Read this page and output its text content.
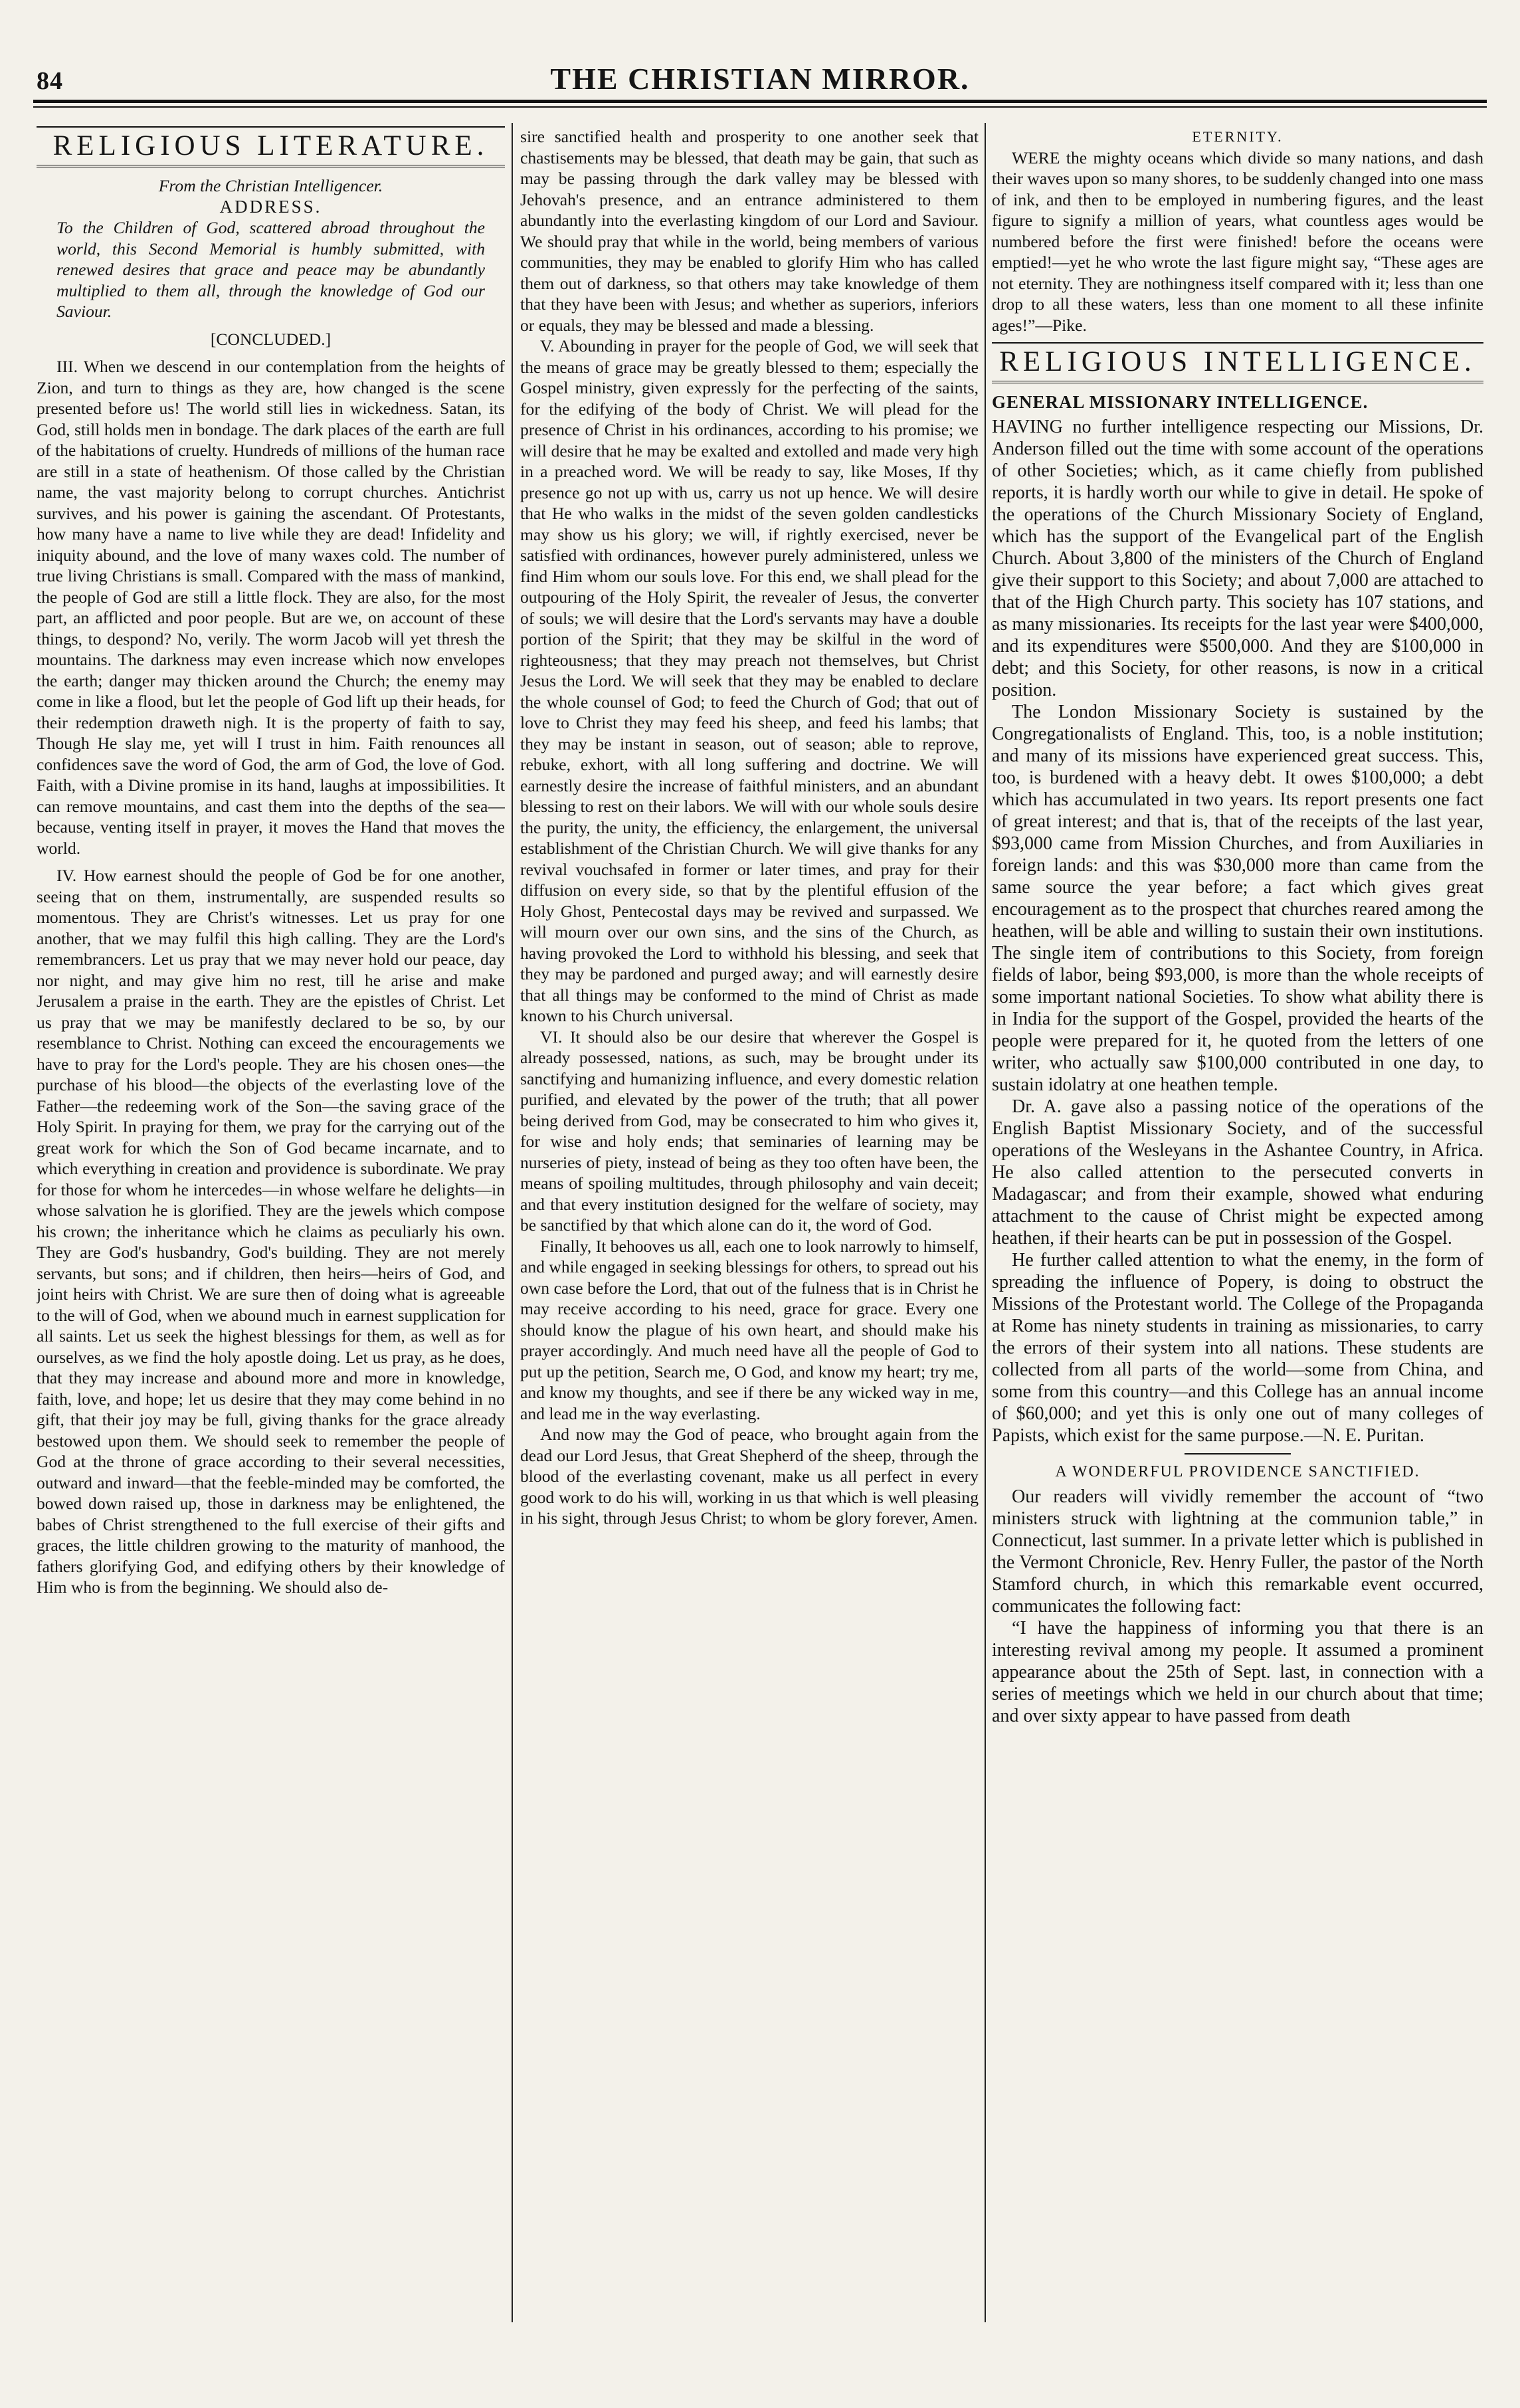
84	THE CHRISTIAN MIRROR.
RELIGIOUS LITERATURE.

From the Christian Intelligencer.

ADDRESS.

To the Children of God, scattered abroad throughout the world, this Second Memorial is humbly submitted, with renewed desires that grace and peace may be abundantly multiplied to them all, through the knowledge of God our Saviour.

[CONCLUDED.]

III. When we descend in our contemplation from the heights of Zion, and turn to things as they are, how changed is the scene presented before us! The world still lies in wickedness. Satan, its God, still holds men in bondage. The dark places of the earth are full of the habitations of cruelty. Hundreds of millions of the human race are still in a state of heathenism. Of those called by the Christian name, the vast majority belong to corrupt churches. Antichrist survives, and his power is gaining the ascendant. Of Protestants, how many have a name to live while they are dead! Infidelity and iniquity abound, and the love of many waxes cold. The number of true living Christians is small. Compared with the mass of mankind, the people of God are still a little flock. They are also, for the most part, an afflicted and poor people. But are we, on account of these things, to despond? No, verily. The worm Jacob will yet thresh the mountains. The darkness may even increase which now envelopes the earth; danger may thicken around the Church; the enemy may come in like a flood, but let the people of God lift up their heads, for their redemption draweth nigh. It is the property of faith to say, Though He slay me, yet will I trust in him. Faith renounces all confidences save the word of God, the arm of God, the love of God. Faith, with a Divine promise in its hand, laughs at impossibilities. It can remove mountains, and cast them into the depths of the sea—because, venting itself in prayer, it moves the Hand that moves the world.

IV. How earnest should the people of God be for one another, seeing that on them, instrumentally, are suspended results so momentous. They are Christ's witnesses. Let us pray for one another, that we may fulfil this high calling. They are the Lord's remembrancers. Let us pray that we may never hold our peace, day nor night, and may give him no rest, till he arise and make Jerusalem a praise in the earth. They are the epistles of Christ. Let us pray that we may be manifestly declared to be so, by our resemblance to Christ. Nothing can exceed the encouragements we have to pray for the Lord's people. They are his chosen ones—the purchase of his blood—the objects of the everlasting love of the Father—the redeeming work of the Son—the saving grace of the Holy Spirit. In praying for them, we pray for the carrying out of the great work for which the Son of God became incarnate, and to which everything in creation and providence is subordinate. We pray for those for whom he intercedes—in whose welfare he delights—in whose salvation he is glorified. They are the jewels which compose his crown; the inheritance which he claims as peculiarly his own. They are God's husbandry, God's building. They are not merely servants, but sons; and if children, then heirs—heirs of God, and joint heirs with Christ. We are sure then of doing what is agreeable to the will of God, when we abound much in earnest supplication for all saints. Let us seek the highest blessings for them, as well as for ourselves, as we find the holy apostle doing. Let us pray, as he does, that they may increase and abound more and more in knowledge, faith, love, and hope; let us desire that they may come behind in no gift, that their joy may be full, giving thanks for the grace already bestowed upon them. We should seek to remember the people of God at the throne of grace according to their several necessities, outward and inward—that the feeble-minded may be comforted, the bowed down raised up, those in darkness may be enlightened, the babes of Christ strengthened to the full exercise of their gifts and graces, the little children growing to the maturity of manhood, the fathers glorifying God, and edifying others by their knowledge of Him who is from the beginning. We should also de-

sire sanctified health and prosperity to one another seek that chastisements may be blessed, that death may be gain, that such as may be passing through the dark valley may be blessed with Jehovah's presence, and an entrance administered to them abundantly into the everlasting kingdom of our Lord and Saviour. We should pray that while in the world, being members of various communities, they may be enabled to glorify Him who has called them out of darkness, so that others may take knowledge of them that they have been with Jesus; and whether as superiors, inferiors or equals, they may be blessed and made a blessing.

V. Abounding in prayer for the people of God, we will seek that the means of grace may be greatly blessed to them; especially the Gospel ministry, given expressly for the perfecting of the saints, for the edifying of the body of Christ. We will plead for the presence of Christ in his ordinances, according to his promise; we will desire that he may be exalted and extolled and made very high in a preached word. We will be ready to say, like Moses, If thy presence go not up with us, carry us not up hence. We will desire that He who walks in the midst of the seven golden candlesticks may show us his glory; we will, if rightly exercised, never be satisfied with ordinances, however purely administered, unless we find Him whom our souls love. For this end, we shall plead for the outpouring of the Holy Spirit, the revealer of Jesus, the converter of souls; we will desire that the Lord's servants may have a double portion of the Spirit; that they may be skilful in the word of righteousness; that they may preach not themselves, but Christ Jesus the Lord. We will seek that they may be enabled to declare the whole counsel of God; to feed the Church of God; that out of love to Christ they may feed his sheep, and feed his lambs; that they may be instant in season, out of season; able to reprove, rebuke, exhort, with all long suffering and doctrine. We will earnestly desire the increase of faithful ministers, and an abundant blessing to rest on their labors. We will with our whole souls desire the purity, the unity, the efficiency, the enlargement, the universal establishment of the Christian Church. We will give thanks for any revival vouchsafed in former or later times, and pray for their diffusion on every side, so that by the plentiful effusion of the Holy Ghost, Pentecostal days may be revived and surpassed. We will mourn over our own sins, and the sins of the Church, as having provoked the Lord to withhold his blessing, and seek that they may be pardoned and purged away; and will earnestly desire that all things may be conformed to the mind of Christ as made known to his Church universal.

VI. It should also be our desire that wherever the Gospel is already possessed, nations, as such, may be brought under its sanctifying and humanizing influence, and every domestic relation purified, and elevated by the power of the truth; that all power being derived from God, may be consecrated to him who gives it, for wise and holy ends; that seminaries of learning may be nurseries of piety, instead of being as they too often have been, the means of spoiling multitudes, through philosophy and vain deceit; and that every institution designed for the welfare of society, may be sanctified by that which alone can do it, the word of God.

Finally, It behooves us all, each one to look narrowly to himself, and while engaged in seeking blessings for others, to spread out his own case before the Lord, that out of the fulness that is in Christ he may receive according to his need, grace for grace. Every one should know the plague of his own heart, and should make his prayer accordingly. And much need have all the people of God to put up the petition, Search me, O God, and know my heart; try me, and know my thoughts, and see if there be any wicked way in me, and lead me in the way everlasting.

And now may the God of peace, who brought again from the dead our Lord Jesus, that Great Shepherd of the sheep, through the blood of the everlasting covenant, make us all perfect in every good work to do his will, working in us that which is well pleasing in his sight, through Jesus Christ; to whom be glory forever, Amen.

ETERNITY.

WERE the mighty oceans which divide so many nations, and dash their waves upon so many shores, to be suddenly changed into one mass of ink, and then to be employed in numbering figures, and the least figure to signify a million of years, what countless ages would be numbered before the first were finished! before the oceans were emptied!—yet he who wrote the last figure might say, “These ages are not eternity. They are nothingness itself compared with it; less than one drop to all these waters, less than one moment to all these infinite ages!”—Pike.

RELIGIOUS INTELLIGENCE.
GENERAL MISSIONARY INTELLIGENCE.

HAVING no further intelligence respecting our Missions, Dr. Anderson filled out the time with some account of the operations of other Societies; which, as it came chiefly from published reports, it is hardly worth our while to give in detail. He spoke of the operations of the Church Missionary Society of England, which has the support of the Evangelical part of the English Church. About 3,800 of the ministers of the Church of England give their support to this Society; and about 7,000 are attached to that of the High Church party. This society has 107 stations, and as many missionaries. Its receipts for the last year were $400,000, and its expenditures were $500,000. And they are $100,000 in debt; and this Society, for other reasons, is now in a critical position.

The London Missionary Society is sustained by the Congregationalists of England. This, too, is a noble institution; and many of its missions have experienced great success. This, too, is burdened with a heavy debt. It owes $100,000; a debt which has accumulated in two years. Its report presents one fact of great interest; and that is, that of the receipts of the last year, $93,000 came from Mission Churches, and from Auxiliaries in foreign lands: and this was $30,000 more than came from the same source the year before; a fact which gives great encouragement as to the prospect that churches reared among the heathen, will be able and willing to sustain their own institutions. The single item of contributions to this Society, from foreign fields of labor, being $93,000, is more than the whole receipts of some important national Societies. To show what ability there is in India for the support of the Gospel, provided the hearts of the people were prepared for it, he quoted from the letters of one writer, who actually saw $100,000 contributed in one day, to sustain idolatry at one heathen temple.

Dr. A. gave also a passing notice of the operations of the English Baptist Missionary Society, and of the successful operations of the Wesleyans in the Ashantee Country, in Africa. He also called attention to the persecuted converts in Madagascar; and from their example, showed what enduring attachment to the cause of Christ might be expected among heathen, if their hearts can be put in possession of the Gospel.

He further called attention to what the enemy, in the form of spreading the influence of Popery, is doing to obstruct the Missions of the Protestant world. The College of the Propaganda at Rome has ninety students in training as missionaries, to carry the errors of their system into all nations. These students are collected from all parts of the world—some from China, and some from this country—and this College has an annual income of $60,000; and yet this is only one out of many colleges of Papists, which exist for the same purpose.—N. E. Puritan.

A WONDERFUL PROVIDENCE SANCTIFIED.

Our readers will vividly remember the account of “two ministers struck with lightning at the communion table,” in Connecticut, last summer. In a private letter which is published in the Vermont Chronicle, Rev. Henry Fuller, the pastor of the North Stamford church, in which this remarkable event occurred, communicates the following fact:

“I have the happiness of informing you that there is an interesting revival among my people. It assumed a prominent appearance about the 25th of Sept. last, in connection with a series of meetings which we held in our church about that time; and over sixty appear to have passed from death
